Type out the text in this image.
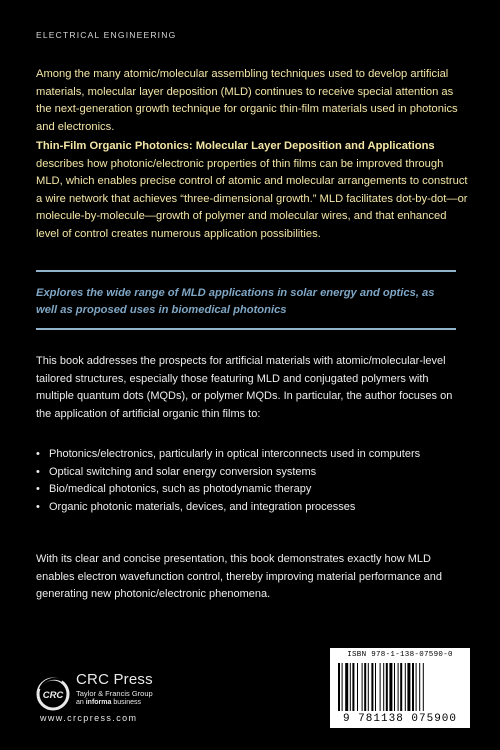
ELECTRICAL ENGINEERING

Among the many atomic/molecular assembling techniques used to develop artificial materials, molecular layer deposition (MLD) continues to receive special attention as the next-generation growth technique for organic thin-film materials used in photonics and electronics.

Thin-Film Organic Photonics: Molecular Layer Deposition and Applications describes how photonic/electronic properties of thin films can be improved through MLD, which enables precise control of atomic and molecular arrangements to construct a wire network that achieves “three-dimensional growth.” MLD facilitates dot-by-dot—or molecule-by-molecule—growth of polymer and molecular wires, and that enhanced level of control creates numerous application possibilities.

Explores the wide range of MLD applications in solar energy and optics, as well as proposed uses in biomedical photonics

This book addresses the prospects for artificial materials with atomic/molecular-level tailored structures, especially those featuring MLD and conjugated polymers with multiple quantum dots (MQDs), or polymer MQDs. In particular, the author focuses on the application of artificial organic thin films to:

• Photonics/electronics, particularly in optical interconnects used in computers
• Optical switching and solar energy conversion systems
• Bio/medical photonics, such as photodynamic therapy
• Organic photonic materials, devices, and integration processes

With its clear and concise presentation, this book demonstrates exactly how MLD enables electron wavefunction control, thereby improving material performance and generating new photonic/electronic phenomena.

CRC
CRC Press
Taylor & Francis Group
an informa business
www.crcpress.com
ISBN 978-1-138-07590-0
9 781138 075900
